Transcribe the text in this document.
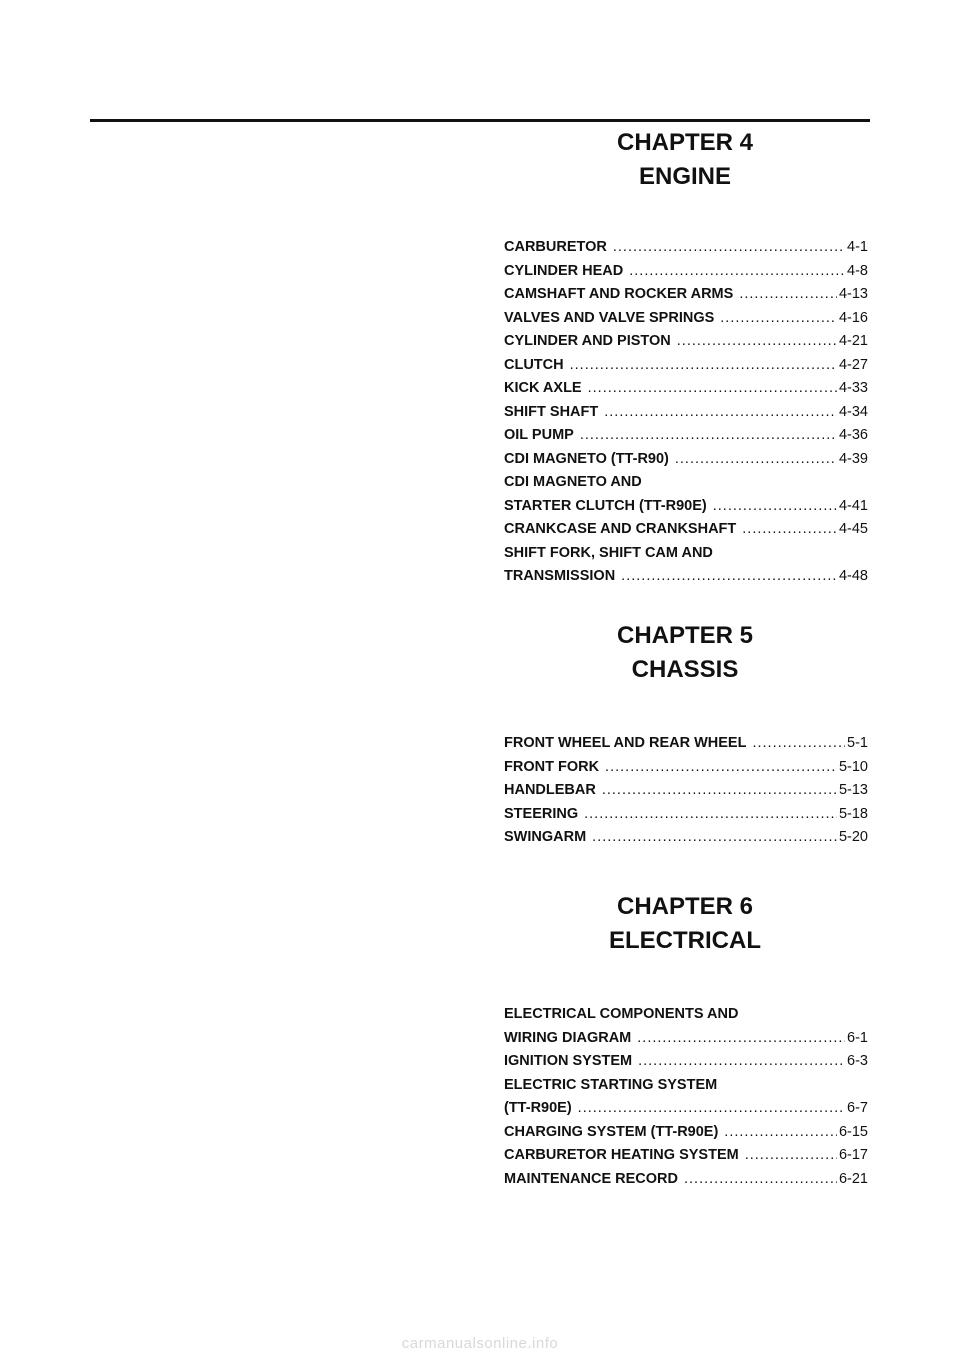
CHAPTER 4
ENGINE
CARBURETOR .....	4-1
CYLINDER HEAD .....	4-8
CAMSHAFT AND ROCKER ARMS .....	4-13
VALVES AND VALVE SPRINGS .....	4-16
CYLINDER AND PISTON .....	4-21
CLUTCH .....	4-27
KICK AXLE .....	4-33
SHIFT SHAFT .....	4-34
OIL PUMP .....	4-36
CDI MAGNETO (TT-R90) .....	4-39
CDI MAGNETO AND
STARTER CLUTCH (TT-R90E) .....	4-41
CRANKCASE AND CRANKSHAFT .....	4-45
SHIFT FORK, SHIFT CAM AND
TRANSMISSION .....	4-48
CHAPTER 5
CHASSIS
FRONT WHEEL AND REAR WHEEL .....	5-1
FRONT FORK .....	5-10
HANDLEBAR .....	5-13
STEERING .....	5-18
SWINGARM .....	5-20
CHAPTER 6
ELECTRICAL
ELECTRICAL COMPONENTS AND
WIRING DIAGRAM .....	6-1
IGNITION SYSTEM .....	6-3
ELECTRIC STARTING SYSTEM
(TT-R90E) .....	6-7
CHARGING SYSTEM (TT-R90E) .....	6-15
CARBURETOR HEATING SYSTEM .....	6-17
MAINTENANCE RECORD .....	6-21
carmanualsonline.info
